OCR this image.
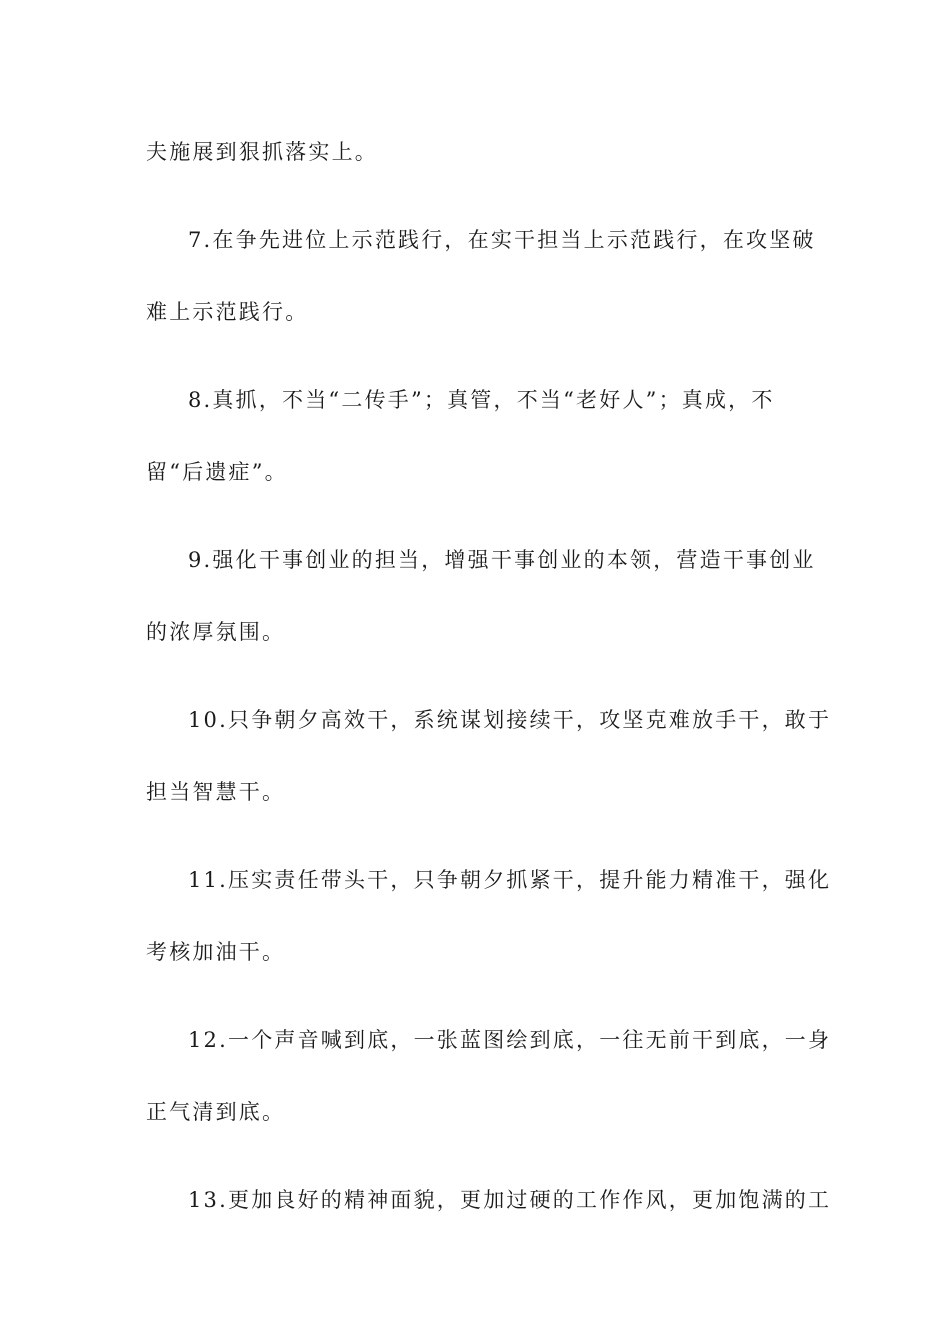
夫施展到狠抓落实上。
7.在争先进位上示范践行，在实干担当上示范践行，在攻坚破
难上示范践行。
8.真抓，不当“二传手”；真管，不当“老好人”；真成，不
留“后遗症”。
9.强化干事创业的担当，增强干事创业的本领，营造干事创业
的浓厚氛围。
10.只争朝夕高效干，系统谋划接续干，攻坚克难放手干，敢于
担当智慧干。
11.压实责任带头干，只争朝夕抓紧干，提升能力精准干，强化
考核加油干。
12.一个声音喊到底，一张蓝图绘到底，一往无前干到底，一身
正气清到底。
13.更加良好的精神面貌，更加过硬的工作作风，更加饱满的工
